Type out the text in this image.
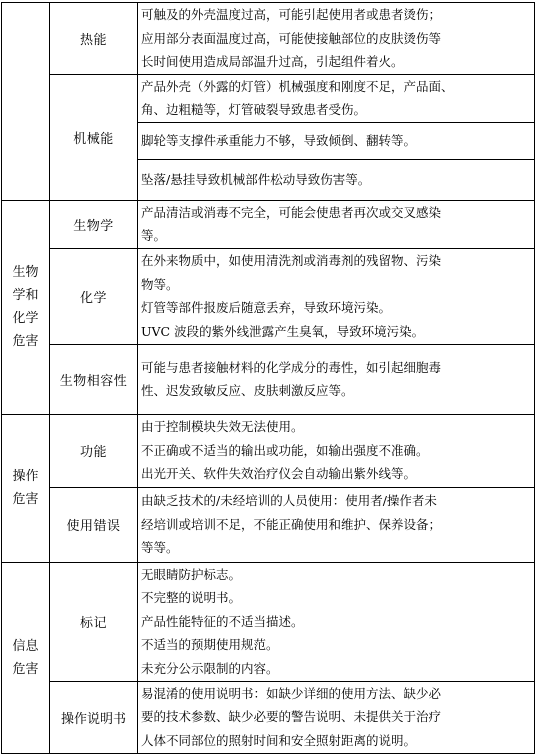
	热能	可触及的外壳温度过高，可能引起使用者或患者烫伤；
应用部分表面温度过高，可能使接触部位的皮肤烫伤等
长时间使用造成局部温升过高，引起组件着火。

	机械能	产品外壳（外露的灯管）机械强度和刚度不足，产品面、
角、边粗糙等，灯管破裂导致患者受伤。
脚轮等支撑件承重能力不够，导致倾倒、翻转等。
坠落/悬挂导致机械部件松动导致伤害等。

生物学和化学危害	生物学	产品清洁或消毒不完全，可能会使患者再次或交叉感染
等。

	化学	在外来物质中，如使用清洗剂或消毒剂的残留物、污染
物等。
灯管等部件报废后随意丢弃，导致环境污染。
UVC 波段的紫外线泄露产生臭氧，导致环境污染。

	生物相容性	可能与患者接触材料的化学成分的毒性，如引起细胞毒
性、迟发致敏反应、皮肤刺激反应等。

操作危害	功能	由于控制模块失效无法使用。
不正确或不适当的输出或功能，如输出强度不准确。
出光开关、软件失效治疗仪会自动输出紫外线等。

	使用错误	由缺乏技术的/未经培训的人员使用：使用者/操作者未
经培训或培训不足，不能正确使用和维护、保养设备；
等等。

信息危害	标记	无眼睛防护标志。
不完整的说明书。
产品性能特征的不适当描述。
不适当的预期使用规范。
未充分公示限制的内容。

	操作说明书	易混淆的使用说明书：如缺少详细的使用方法、缺少必
要的技术参数、缺少必要的警告说明、未提供关于治疗
人体不同部位的照射时间和安全照射距离的说明。
